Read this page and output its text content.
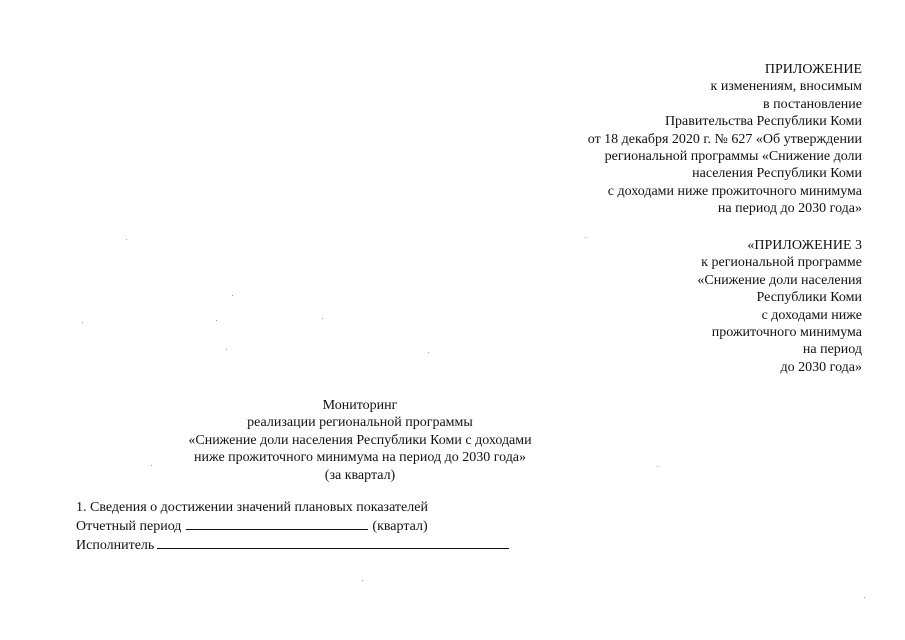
ПРИЛОЖЕНИЕ
к изменениям, вносимым
в постановление
Правительства Республики Коми
от 18 декабря 2020 г. № 627 «Об утверждении
региональной программы «Снижение доли
населения Республики Коми
с доходами ниже прожиточного минимума
на период до 2030 года»
«ПРИЛОЖЕНИЕ 3
к региональной программе
«Снижение доли населения
Республики Коми
с доходами ниже
прожиточного минимума
на период
до 2030 года»
Мониторинг
реализации региональной программы
«Снижение доли населения Республики Коми с доходами
ниже прожиточного минимума на период до 2030 года»
(за квартал)
1. Сведения о достижении значений плановых показателей
Отчетный период	(квартал)
Исполнитель
